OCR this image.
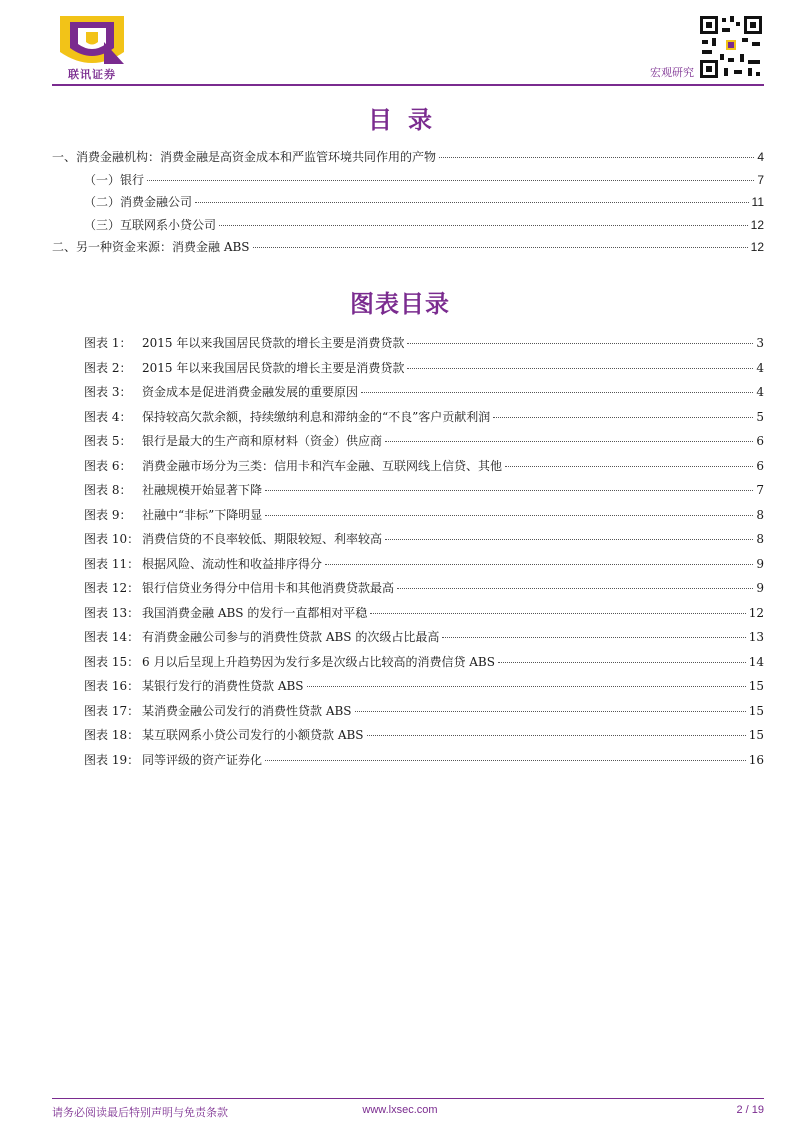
联讯证券	宏观研究
目录
一、消费金融机构：消费金融是高资金成本和严监管环境共同作用的产物	4
（一）银行	7
（二）消费金融公司	11
（三）互联网系小贷公司	12
二、另一种资金来源：消费金融 ABS	12
图表目录
图表 1： 2015 年以来我国居民贷款的增长主要是消费贷款	3
图表 2： 2015 年以来我国居民贷款的增长主要是消费贷款	4
图表 3： 资金成本是促进消费金融发展的重要原因	4
图表 4： 保持较高欠款余额，持续缴纳利息和滞纳金的“不良”客户贡献利润	5
图表 5： 银行是最大的生产商和原材料（资金）供应商	6
图表 6： 消费金融市场分为三类：信用卡和汽车金融、互联网线上信贷、其他	6
图表 8： 社融规模开始显著下降	7
图表 9： 社融中“非标”下降明显	8
图表 10： 消费信贷的不良率较低、期限较短、利率较高	8
图表 11： 根据风险、流动性和收益排序得分	9
图表 12： 银行信贷业务得分中信用卡和其他消费贷款最高	9
图表 13： 我国消费金融 ABS 的发行一直都相对平稳	12
图表 14： 有消费金融公司参与的消费性贷款 ABS 的次级占比最高	13
图表 15： 6 月以后呈现上升趋势因为发行多是次级占比较高的消费信贷 ABS	14
图表 16： 某银行发行的消费性贷款 ABS	15
图表 17： 某消费金融公司发行的消费性贷款 ABS	15
图表 18： 某互联网系小贷公司发行的小额贷款 ABS	15
图表 19： 同等评级的资产证券化	16
请务必阅读最后特别声明与免责条款	www.lxsec.com	2 / 19
